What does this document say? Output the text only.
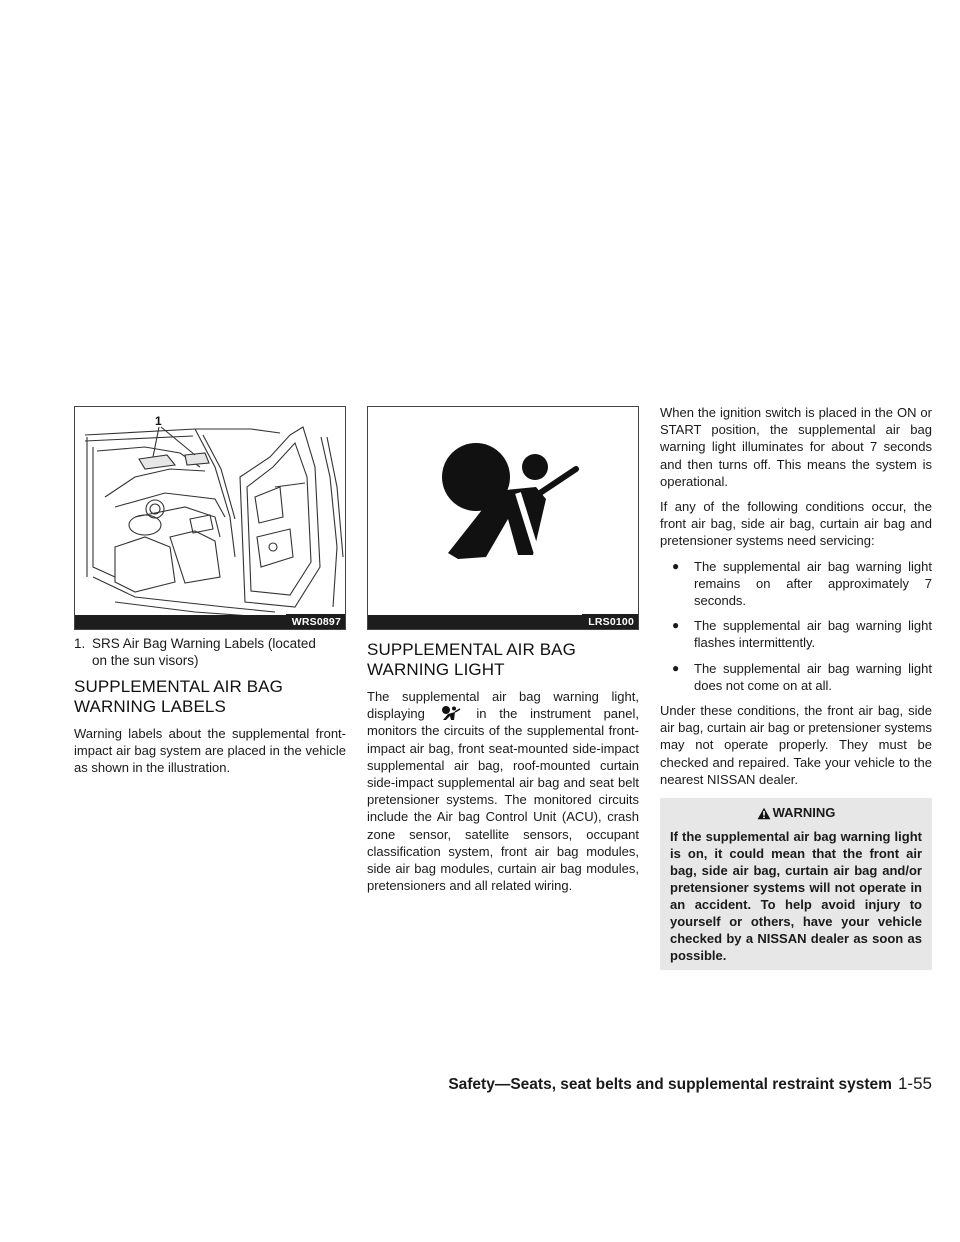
1
WRS0897
1. SRS Air Bag Warning Labels (located
on the sun visors)
SUPPLEMENTAL AIR BAG
WARNING LABELS

Warning labels about the supplemental front-impact air bag system are placed in the vehicle as shown in the illustration.

LRS0100
SUPPLEMENTAL AIR BAG
WARNING LIGHT

The supplemental air bag warning light, displaying	in the instrument panel, monitors the circuits of the supplemental front-impact air bag, front seat-mounted side-impact supplemental air bag, roof-mounted curtain side-impact supplemental air bag and seat belt pretensioner systems. The monitored circuits include the Air bag Control Unit (ACU), crash zone sensor, satellite sensors, occupant classification system, front air bag modules, side air bag modules, curtain air bag modules, pretensioners and all related wiring.

When the ignition switch is placed in the ON or START position, the supplemental air bag warning light illuminates for about 7 seconds and then turns off. This means the system is operational.

If any of the following conditions occur, the front air bag, side air bag, curtain air bag and pretensioner systems need servicing:

● The supplemental air bag warning light remains on after approximately 7 seconds.
● The supplemental air bag warning light flashes intermittently.
● The supplemental air bag warning light does not come on at all.

Under these conditions, the front air bag, side air bag, curtain air bag or pretensioner systems may not operate properly. They must be checked and repaired. Take your vehicle to the nearest NISSAN dealer.

WARNING
If the supplemental air bag warning light is on, it could mean that the front air bag, side air bag, curtain air bag and/or pretensioner systems will not operate in an accident. To help avoid injury to yourself or others, have your vehicle checked by a NISSAN dealer as soon as possible.
Safety—Seats, seat belts and supplemental restraint system 1-55
